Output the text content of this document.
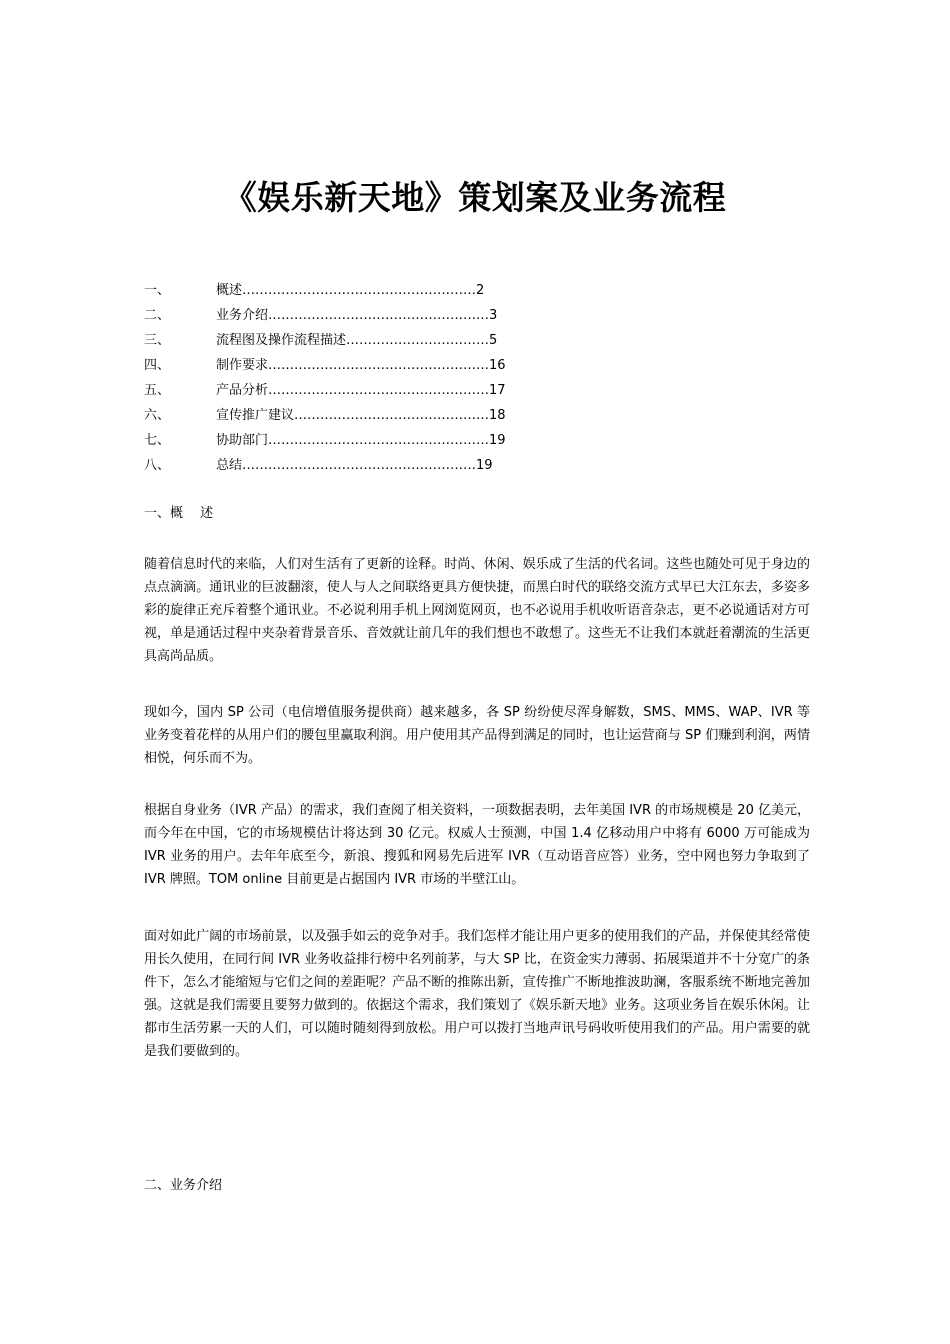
《娱乐新天地》策划案及业务流程
一、	概述 ……………………………………………… 2
二、	业务介绍 …………………………………………… 3
三、	流程图及操作流程描述 …………………………… 5
四、	制作要求 …………………………………………… 16
五、	产品分析 …………………………………………… 17
六、	宣传推广建议 ……………………………………… 18
七、	协助部门 …………………………………………… 19
八、	总结 ……………………………………………… 19
一、概　 述

随着信息时代的来临，人们对生活有了更新的诠释。时尚、休闲、娱乐成了生活的代名词。这些也随处可见于身边的点点滴滴。通讯业的巨波翻滚，使人与人之间联络更具方便快捷，而黑白时代的联络交流方式早已大江东去，多姿多彩的旋律正充斥着整个通讯业。不必说利用手机上网浏览网页，也不必说用手机收听语音杂志，更不必说通话对方可视，单是通话过程中夹杂着背景音乐、音效就让前几年的我们想也不敢想了。这些无不让我们本就赶着潮流的生活更具高尚品质。

现如今，国内 SP 公司（电信增值服务提供商）越来越多，各 SP 纷纷使尽浑身解数，SMS、MMS、WAP、IVR 等业务变着花样的从用户们的腰包里赢取利润。用户使用其产品得到满足的同时，也让运营商与 SP 们赚到利润，两情相悦，何乐而不为。

根据自身业务（IVR 产品）的需求，我们查阅了相关资料，一项数据表明，去年美国 IVR 的市场规模是 20 亿美元，而今年在中国，它的市场规模估计将达到 30 亿元。权威人士预测，中国 1.4 亿移动用户中将有 6000 万可能成为 IVR 业务的用户。去年年底至今，新浪、搜狐和网易先后进军 IVR（互动语音应答）业务，空中网也努力争取到了 IVR 牌照。TOM online 目前更是占据国内 IVR 市场的半壁江山。

面对如此广阔的市场前景，以及强手如云的竞争对手。我们怎样才能让用户更多的使用我们的产品，并保使其经常使用长久使用，在同行间 IVR 业务收益排行榜中名列前茅，与大 SP 比，在资金实力薄弱、拓展渠道并不十分宽广的条件下，怎么才能缩短与它们之间的差距呢？产品不断的推陈出新，宣传推广不断地推波助澜，客服系统不断地完善加强。这就是我们需要且要努力做到的。依据这个需求，我们策划了《娱乐新天地》业务。这项业务旨在娱乐休闲。让都市生活劳累一天的人们，可以随时随刻得到放松。用户可以拨打当地声讯号码收听使用我们的产品。用户需要的就是我们要做到的。

二、业务介绍
